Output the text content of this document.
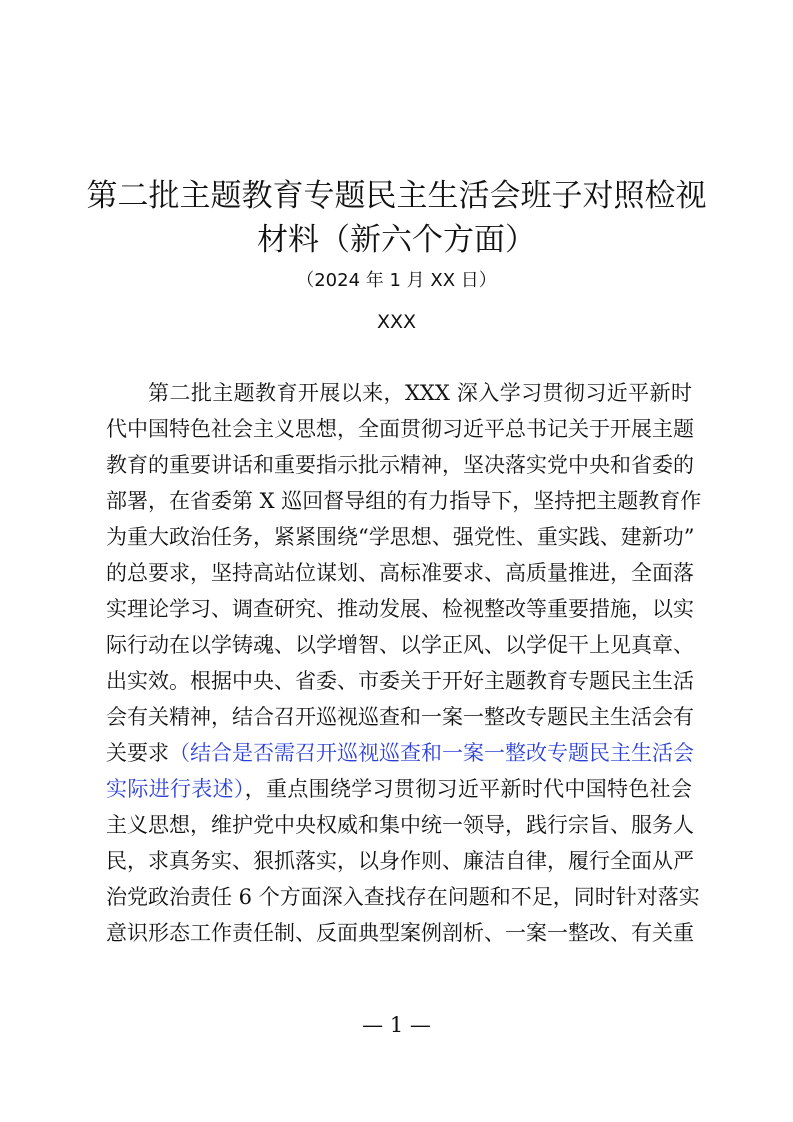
第二批主题教育专题民主生活会班子对照检视
材料（新六个方面）
（2024 年 1 月 XX 日）
XXX
第二批主题教育开展以来，XXX 深入学习贯彻习近平新时
代中国特色社会主义思想，全面贯彻习近平总书记关于开展主题
教育的重要讲话和重要指示批示精神，坚决落实党中央和省委的
部署，在省委第 X 巡回督导组的有力指导下，坚持把主题教育作
为重大政治任务，紧紧围绕“学思想、强党性、重实践、建新功”
的总要求，坚持高站位谋划、高标准要求、高质量推进，全面落
实理论学习、调查研究、推动发展、检视整改等重要措施，以实
际行动在以学铸魂、以学增智、以学正风、以学促干上见真章、
出实效。根据中央、省委、市委关于开好主题教育专题民主生活
会有关精神，结合召开巡视巡查和一案一整改专题民主生活会有
关要求（结合是否需召开巡视巡查和一案一整改专题民主生活会
实际进行表述），重点围绕学习贯彻习近平新时代中国特色社会
主义思想，维护党中央权威和集中统一领导，践行宗旨、服务人
民，求真务实、狠抓落实，以身作则、廉洁自律，履行全面从严
治党政治责任 6 个方面深入查找存在问题和不足，同时针对落实
意识形态工作责任制、反面典型案例剖析、一案一整改、有关重
— 1 —
